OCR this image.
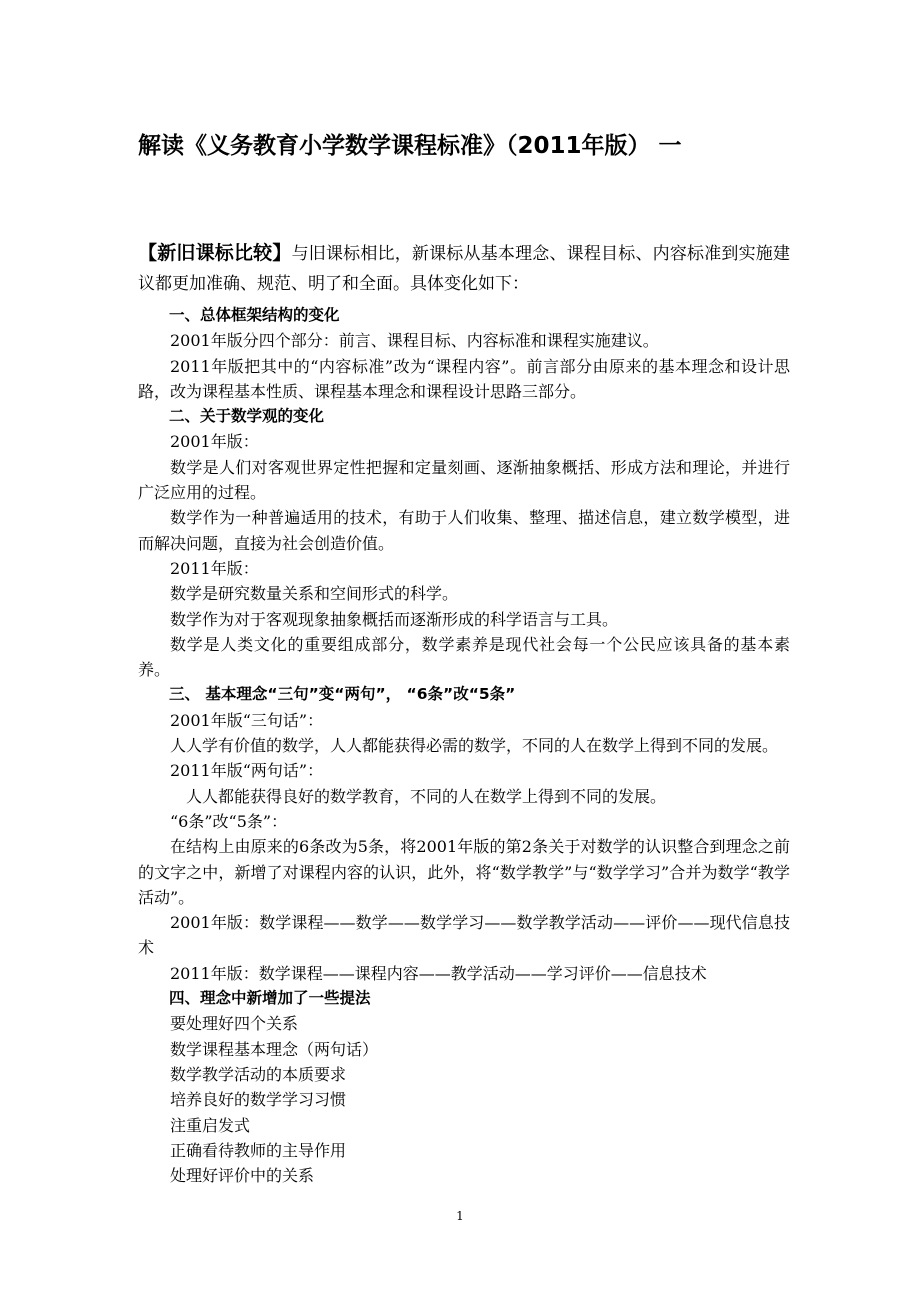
解读《义务教育小学数学课程标准》（2011年版） 一

【新旧课标比较】与旧课标相比，新课标从基本理念、课程目标、内容标准到实施建议都更加准确、规范、明了和全面。具体变化如下：

一、总体框架结构的变化

2001年版分四个部分：前言、课程目标、内容标准和课程实施建议。

2011年版把其中的“内容标准”改为“课程内容”。前言部分由原来的基本理念和设计思路，改为课程基本性质、课程基本理念和课程设计思路三部分。

二、关于数学观的变化

2001年版：

数学是人们对客观世界定性把握和定量刻画、逐渐抽象概括、形成方法和理论，并进行广泛应用的过程。

数学作为一种普遍适用的技术，有助于人们收集、整理、描述信息，建立数学模型，进而解决问题，直接为社会创造价值。

2011年版：

数学是研究数量关系和空间形式的科学。

数学作为对于客观现象抽象概括而逐渐形成的科学语言与工具。

数学是人类文化的重要组成部分，数学素养是现代社会每一个公民应该具备的基本素养。

三、 基本理念“三句”变“两句”， “6条”改“5条”

2001年版“三句话”：

人人学有价值的数学，人人都能获得必需的数学，不同的人在数学上得到不同的发展。

2011年版“两句话”：

人人都能获得良好的数学教育，不同的人在数学上得到不同的发展。

“6条”改“5条”：

在结构上由原来的6条改为5条，将2001年版的第2条关于对数学的认识整合到理念之前的文字之中，新增了对课程内容的认识，此外，将“数学教学”与“数学学习”合并为数学“教学活动”。

2001年版：数学课程——数学——数学学习——数学教学活动——评价——现代信息技术

2011年版：数学课程——课程内容——教学活动——学习评价——信息技术

四、理念中新增加了一些提法

要处理好四个关系

数学课程基本理念（两句话）

数学教学活动的本质要求

培养良好的数学学习习惯

注重启发式

正确看待教师的主导作用

处理好评价中的关系

1
